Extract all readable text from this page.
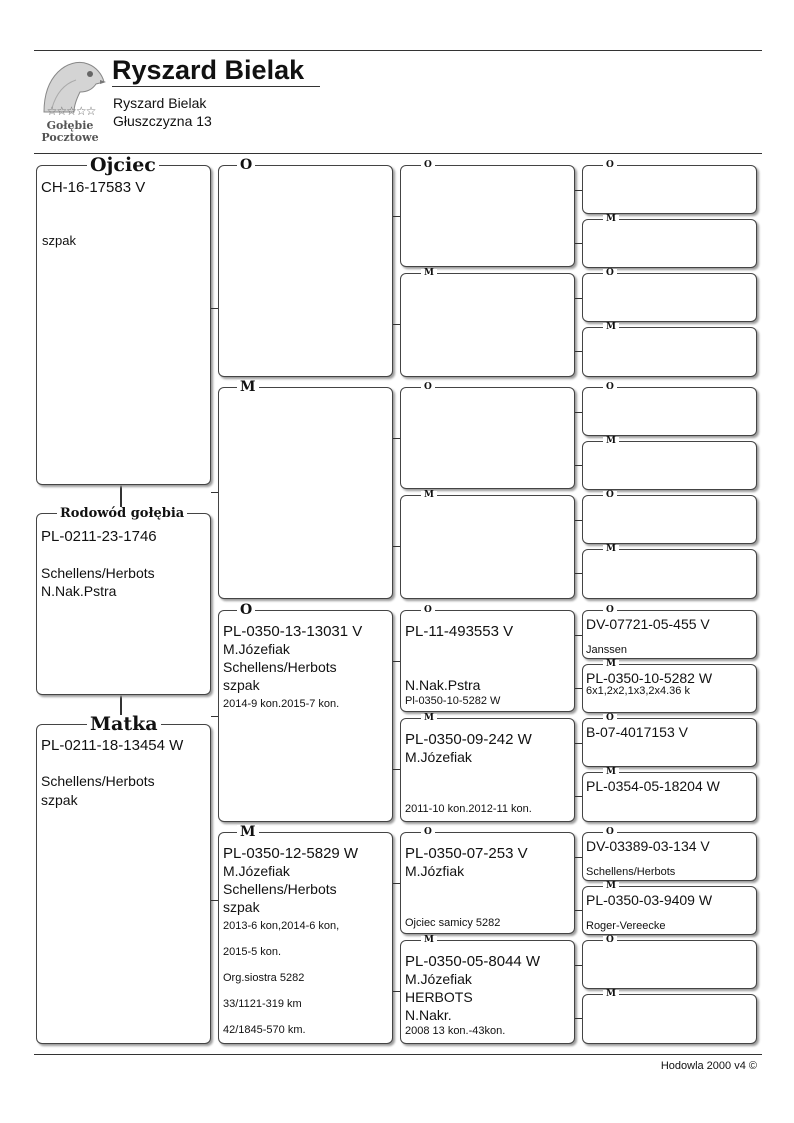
☆☆☆☆☆
Gołębie
Pocztowe
Ryszard Bielak
Ryszard Bielak
Głuszczyzna 13
Ojciec
CH-16-17583 V
szpak
Rodowód gołębia
PL-0211-23-1746
Schellens/Herbots
N.Nak.Pstra
Matka
PL-0211-18-13454 W
Schellens/Herbots
szpak
O
M
O
PL-0350-13-13031 V
M.Józefiak
Schellens/Herbots
szpak
2014-9 kon.2015-7 kon.
M
PL-0350-12-5829 W
M.Józefiak
Schellens/Herbots
szpak
2013-6 kon,2014-6 kon,
2015-5 kon.
Org.siostra 5282
33/1121-319 km
42/1845-570 km.
O
M
O
M
O
PL-11-493553 V
N.Nak.Pstra
Pl-0350-10-5282 W
M
PL-0350-09-242 W
M.Józefiak
2011-10 kon.2012-11 kon.
O
PL-0350-07-253 V
M.Józfiak
Ojciec samicy 5282
M
PL-0350-05-8044 W
M.Józefiak
HERBOTS
N.Nakr.
2008 13 kon.-43kon.
O
M
O
M
O
M
O
M
O
DV-07721-05-455 V
Janssen
M
PL-0350-10-5282 W
6x1,2x2,1x3,2x4.36 k
O
B-07-4017153 V
M
PL-0354-05-18204 W
O
DV-03389-03-134 V
Schellens/Herbots
M
PL-0350-03-9409 W
Roger-Vereecke
O
M
Hodowla 2000 v4 ©
